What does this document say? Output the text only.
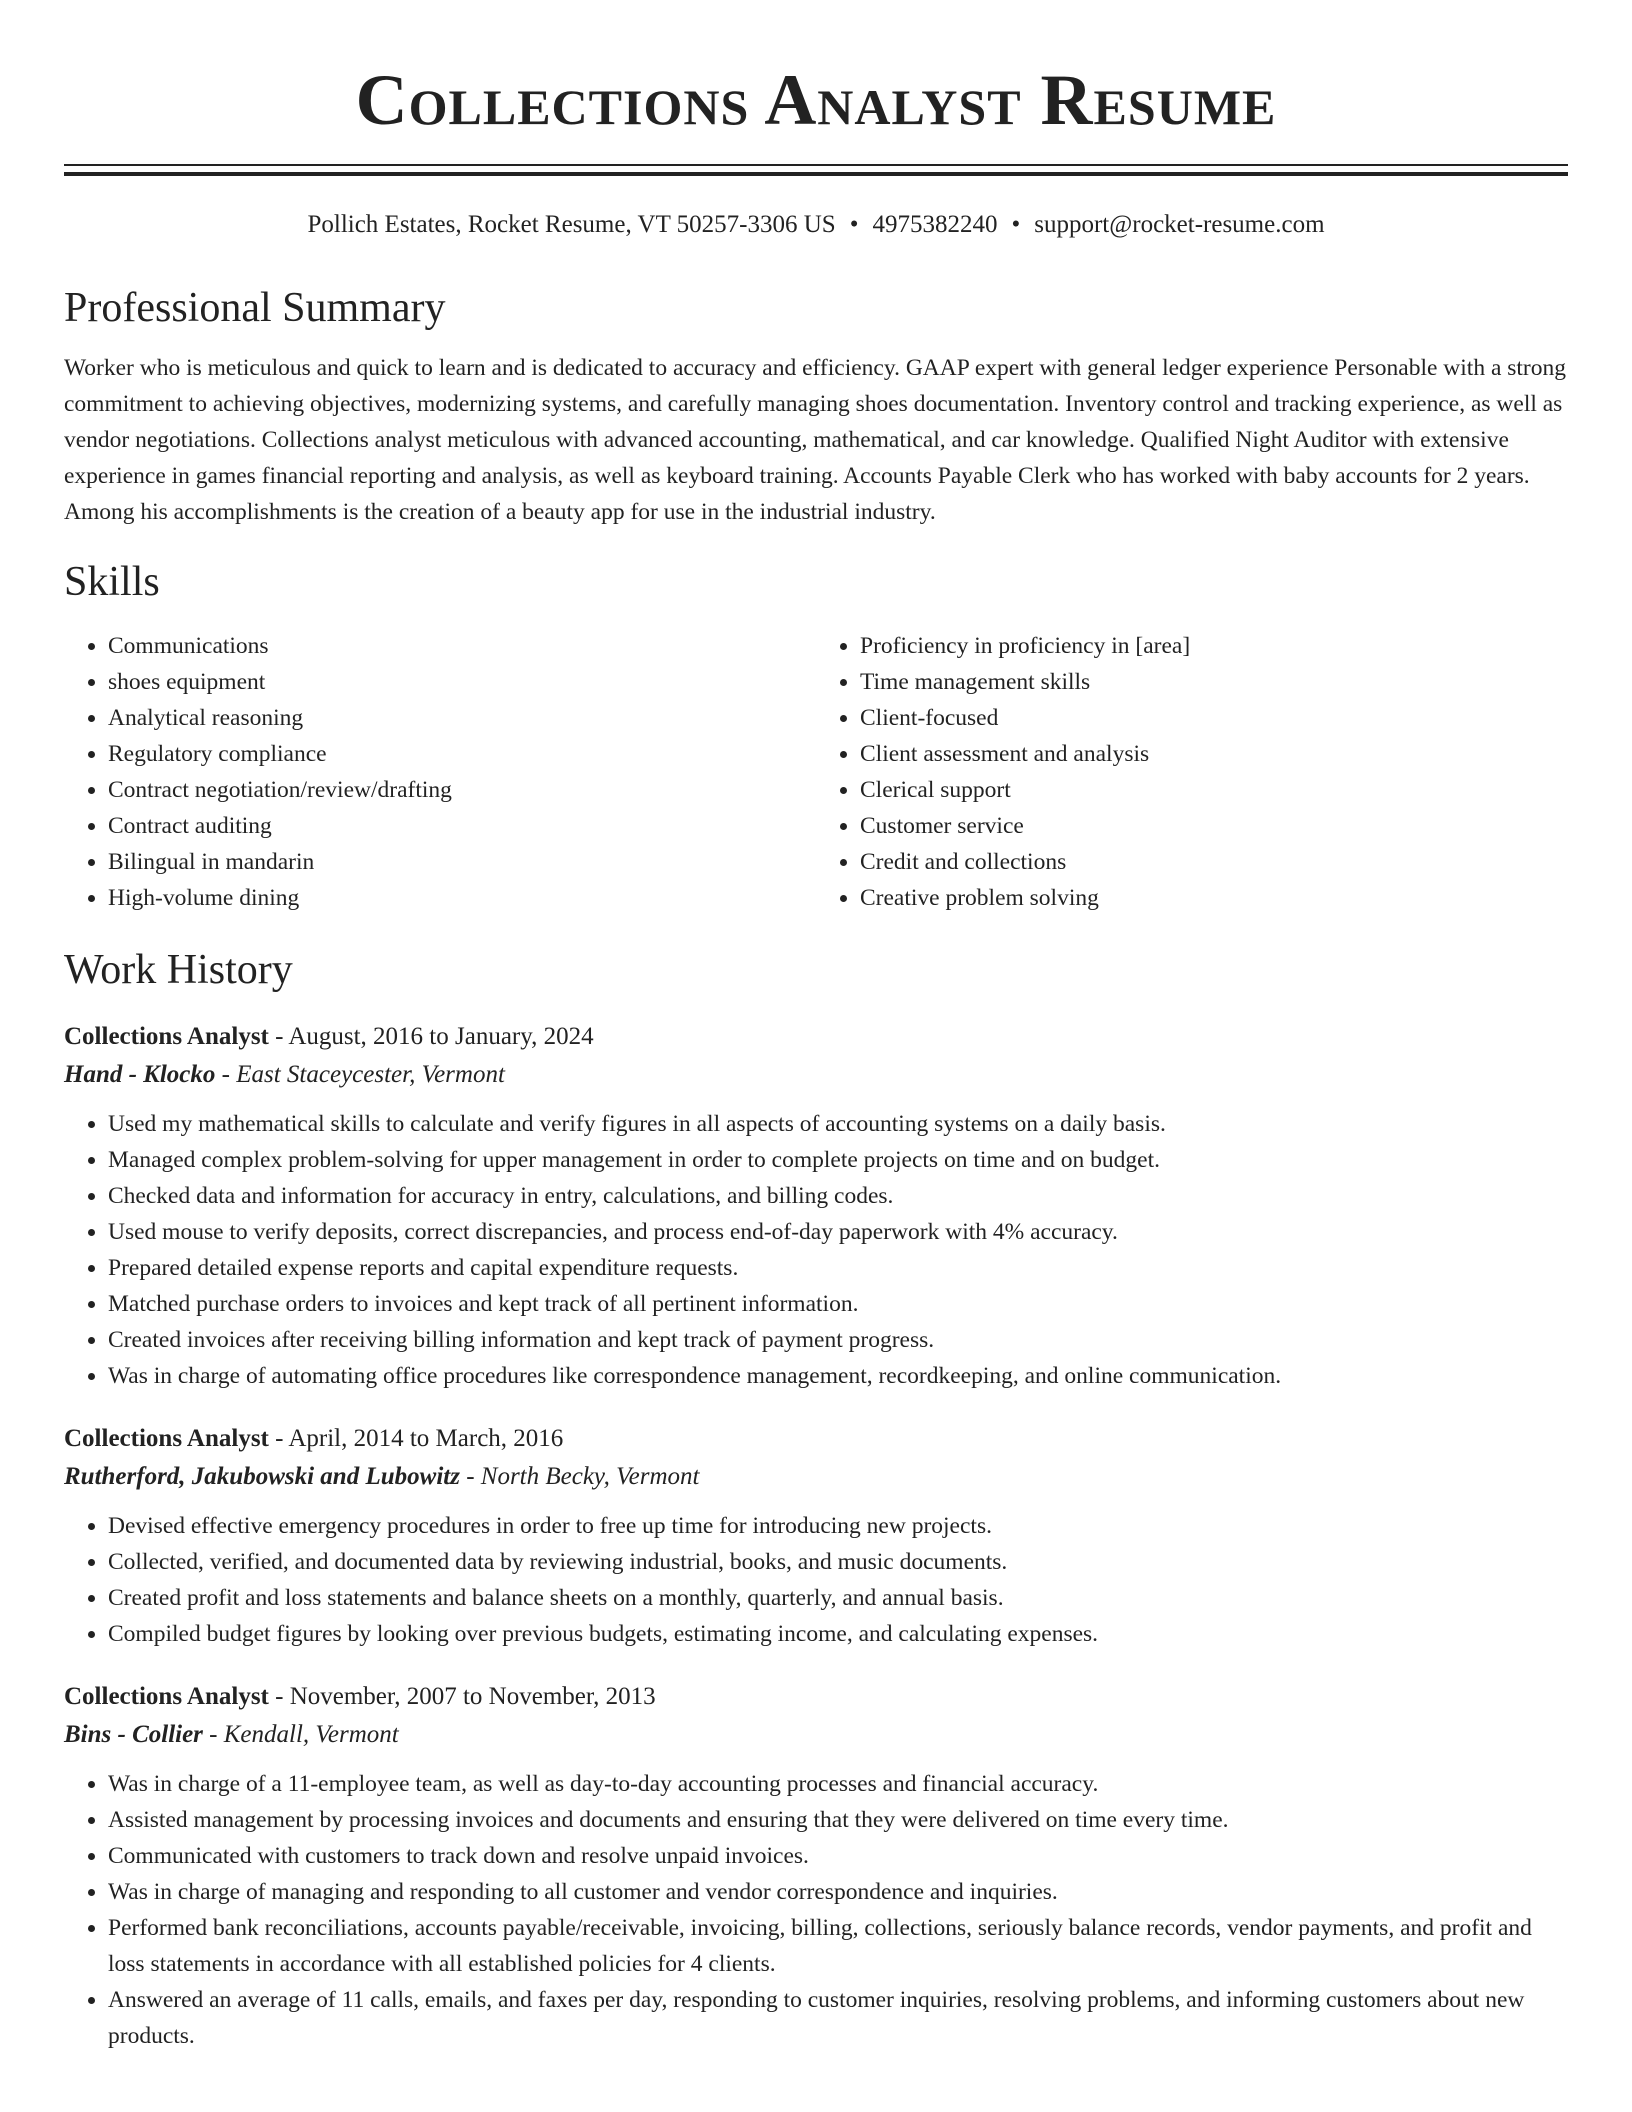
Collections Analyst Resume
Pollich Estates, Rocket Resume, VT 50257-3306 US • 4975382240 • support@rocket-resume.com
Professional Summary

Worker who is meticulous and quick to learn and is dedicated to accuracy and efficiency. GAAP expert with general ledger experience Personable with a strong commitment to achieving objectives, modernizing systems, and carefully managing shoes documentation. Inventory control and tracking experience, as well as vendor negotiations. Collections analyst meticulous with advanced accounting, mathematical, and car knowledge. Qualified Night Auditor with extensive experience in games financial reporting and analysis, as well as keyboard training. Accounts Payable Clerk who has worked with baby accounts for 2 years. Among his accomplishments is the creation of a beauty app for use in the industrial industry.

Skills
• Communications
• shoes equipment
• Analytical reasoning
• Regulatory compliance
• Contract negotiation/review/drafting
• Contract auditing
• Bilingual in mandarin
• High-volume dining
• Proficiency in proficiency in [area]
• Time management skills
• Client-focused
• Client assessment and analysis
• Clerical support
• Customer service
• Credit and collections
• Creative problem solving
Work History
Collections Analyst - August, 2016 to January, 2024
Hand - Klocko - East Staceycester, Vermont
• Used my mathematical skills to calculate and verify figures in all aspects of accounting systems on a daily basis.
• Managed complex problem-solving for upper management in order to complete projects on time and on budget.
• Checked data and information for accuracy in entry, calculations, and billing codes.
• Used mouse to verify deposits, correct discrepancies, and process end-of-day paperwork with 4% accuracy.
• Prepared detailed expense reports and capital expenditure requests.
• Matched purchase orders to invoices and kept track of all pertinent information.
• Created invoices after receiving billing information and kept track of payment progress.
• Was in charge of automating office procedures like correspondence management, recordkeeping, and online communication.
Collections Analyst - April, 2014 to March, 2016
Rutherford, Jakubowski and Lubowitz - North Becky, Vermont
• Devised effective emergency procedures in order to free up time for introducing new projects.
• Collected, verified, and documented data by reviewing industrial, books, and music documents.
• Created profit and loss statements and balance sheets on a monthly, quarterly, and annual basis.
• Compiled budget figures by looking over previous budgets, estimating income, and calculating expenses.
Collections Analyst - November, 2007 to November, 2013
Bins - Collier - Kendall, Vermont
• Was in charge of a 11-employee team, as well as day-to-day accounting processes and financial accuracy.
• Assisted management by processing invoices and documents and ensuring that they were delivered on time every time.
• Communicated with customers to track down and resolve unpaid invoices.
• Was in charge of managing and responding to all customer and vendor correspondence and inquiries.
• Performed bank reconciliations, accounts payable/receivable, invoicing, billing, collections, seriously balance records, vendor payments, and profit and loss statements in accordance with all established policies for 4 clients.
• Answered an average of 11 calls, emails, and faxes per day, responding to customer inquiries, resolving problems, and informing customers about new products.
